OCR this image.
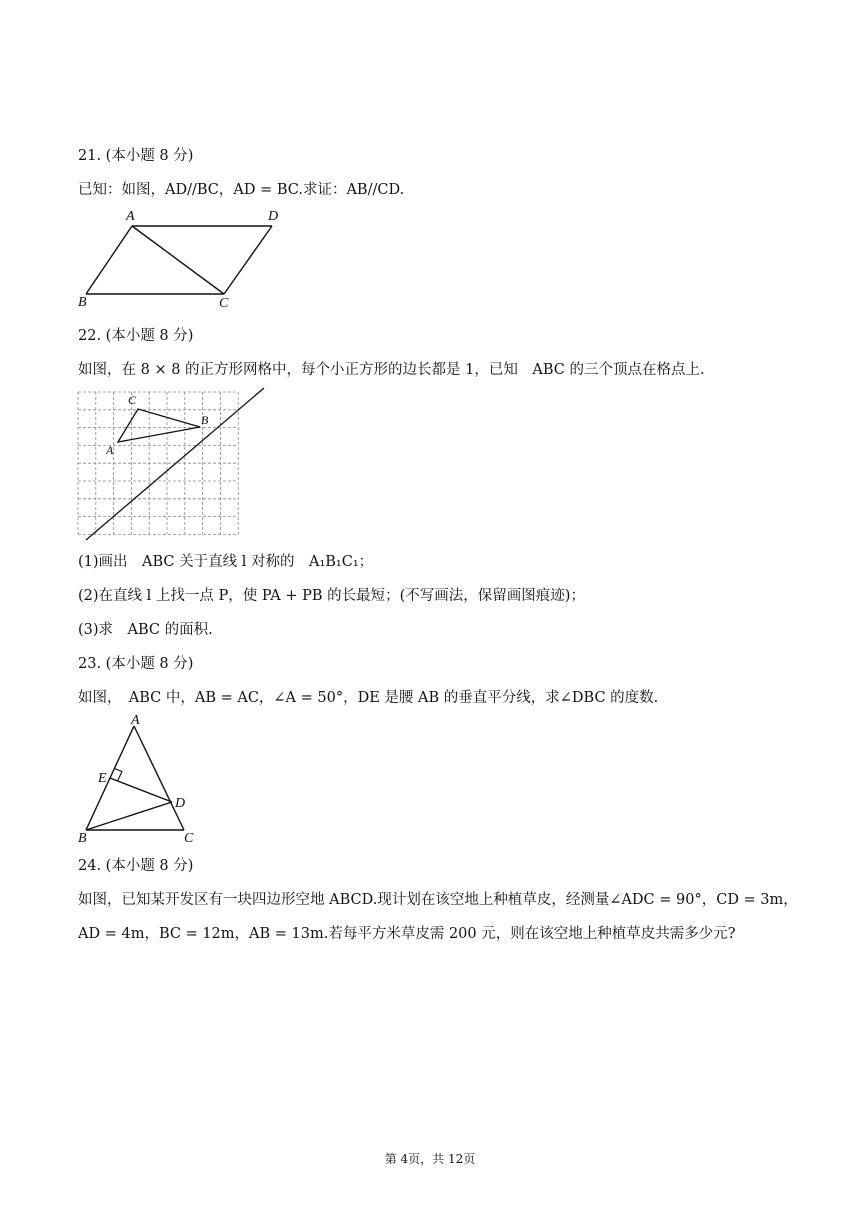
21. (本小题 8 分)
已知：如图，AD//BC，AD = BC.求证：AB//CD.
A	D
B	C
22. (本小题 8 分)
如图，在 8 × 8 的正方形网格中，每个小正方形的边长都是 1，已知　ABC 的三个顶点在格点上.
C
B
A
(1)画出　ABC 关于直线 l 对称的　A₁B₁C₁；
(2)在直线 l 上找一点 P，使 PA + PB 的长最短；(不写画法，保留画图痕迹)；
(3)求　ABC 的面积.
23. (本小题 8 分)
如图，　ABC 中，AB = AC，∠A = 50°，DE 是腰 AB 的垂直平分线，求∠DBC 的度数.
A
E
D
B	C
24. (本小题 8 分)
如图，已知某开发区有一块四边形空地 ABCD.现计划在该空地上种植草皮，经测量∠ADC = 90°，CD = 3m，
AD = 4m，BC = 12m，AB = 13m.若每平方米草皮需 200 元，则在该空地上种植草皮共需多少元?
第 4页，共 12页
